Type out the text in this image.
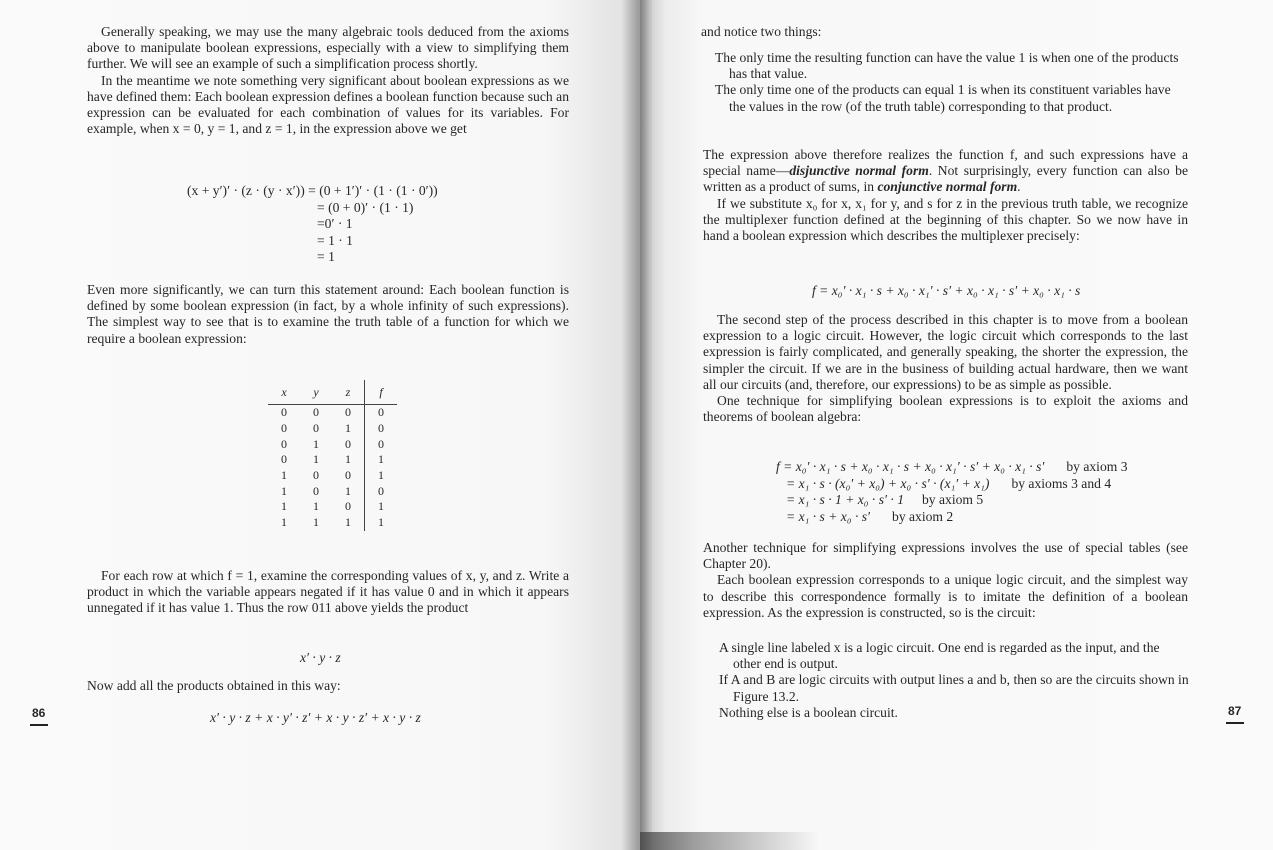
Generally speaking, we may use the many algebraic tools deduced from the axioms above to manipulate boolean expressions, especially with a view to simplifying them further. We will see an example of such a simplification process shortly.

In the meantime we note something very significant about boolean expressions as we have defined them: Each boolean expression defines a boolean function because such an expression can be evaluated for each combination of values for its variables. For example, when x = 0, y = 1, and z = 1, in the expression above we get

(x + y′)′ · (z · (y · x′)) = (0 + 1′)′ · (1 · (1 · 0′))
= (0 + 0)′ · (1 · 1)
=0′ · 1
= 1 · 1
= 1

Even more significantly, we can turn this statement around: Each boolean function is defined by some boolean expression (in fact, by a whole infinity of such expressions). The simplest way to see that is to examine the truth table of a function for which we require a boolean expression:

x	y	z	f
0	0	0	0
0	0	1	0
0	1	0	0
0	1	1	1
1	0	0	1
1	0	1	0
1	1	0	1
1	1	1	1

For each row at which f = 1, examine the corresponding values of x, y, and z. Write a product in which the variable appears negated if it has value 0 and in which it appears unnegated if it has value 1. Thus the row 011 above yields the product

x′ · y · z

Now add all the products obtained in this way:

x′ · y · z + x · y′ · z′ + x · y · z′ + x · y · z
86

and notice two things:

The only time the resulting function can have the value 1 is when one of the products has that value.

The only time one of the products can equal 1 is when its constituent variables have the values in the row (of the truth table) corresponding to that product.

The expression above therefore realizes the function f, and such expressions have a special name—disjunctive normal form. Not surprisingly, every function can also be written as a product of sums, in conjunctive normal form.

If we substitute x₀ for x, x₁ for y, and s for z in the previous truth table, we recognize the multiplexer function defined at the beginning of this chapter. So we now have in hand a boolean expression which describes the multiplexer precisely:

f = x₀′ · x₁ · s + x₀ · x₁′ · s′ + x₀ · x₁ · s′ + x₀ · x₁ · s

The second step of the process described in this chapter is to move from a boolean expression to a logic circuit. However, the logic circuit which corresponds to the last expression is fairly complicated, and generally speaking, the shorter the expression, the simpler the circuit. If we are in the business of building actual hardware, then we want all our circuits (and, therefore, our expressions) to be as simple as possible.

One technique for simplifying boolean expressions is to exploit the axioms and theorems of boolean algebra:

f = x₀′ · x₁ · s + x₀ · x₁ · s + x₀ · x₁′ · s′ + x₀ · x₁ · s′ by axiom 3
= x₁ · s · (x₀′ + x₀) + x₀ · s′ · (x₁′ + x₁) by axioms 3 and 4
= x₁ · s · 1 + x₀ · s′ · 1 by axiom 5
= x₁ · s + x₀ · s′ by axiom 2

Another technique for simplifying expressions involves the use of special tables (see Chapter 20).

Each boolean expression corresponds to a unique logic circuit, and the simplest way to describe this correspondence formally is to imitate the definition of a boolean expression. As the expression is constructed, so is the circuit:

A single line labeled x is a logic circuit. One end is regarded as the input, and the other end is output.

If A and B are logic circuits with output lines a and b, then so are the circuits shown in Figure 13.2.

Nothing else is a boolean circuit.	87
